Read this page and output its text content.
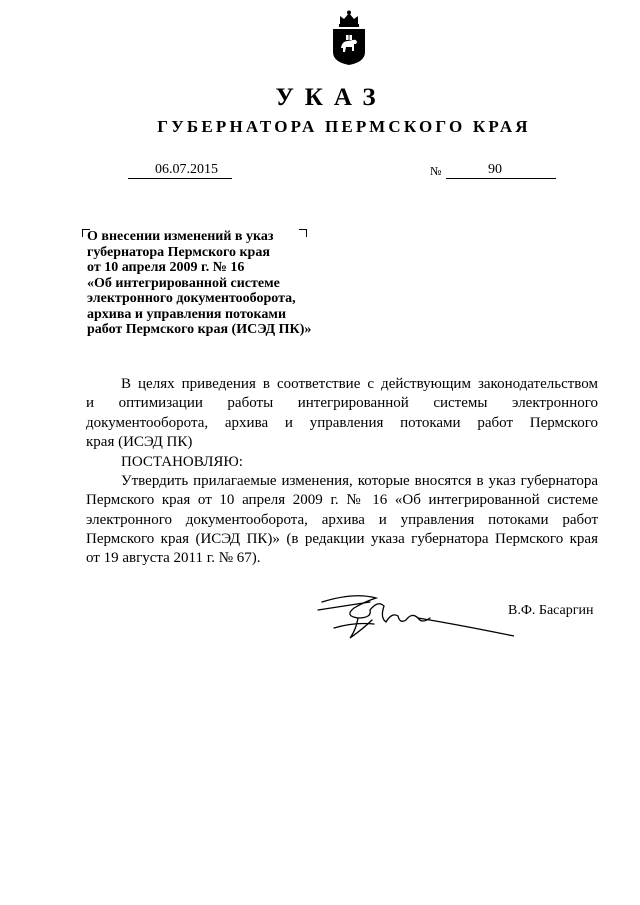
УКАЗ
ГУБЕРНАТОРА ПЕРМСКОГО КРАЯ
06.07.2015	№	90
О внесении изменений в указ
губернатора Пермского края
от 10 апреля 2009 г. № 16
«Об интегрированной системе
электронного документооборота,
архива и управления потоками
работ Пермского края (ИСЭД ПК)»
В целях приведения в соответствие с действующим законодательством
и оптимизации работы интегрированной системы электронного
документооборота, архива и управления потоками работ Пермского
края (ИСЭД ПК)
ПОСТАНОВЛЯЮ:
Утвердить прилагаемые изменения, которые вносятся в указ губернатора
Пермского края от 10 апреля 2009 г. № 16 «Об интегрированной системе
электронного документооборота, архива и управления потоками работ
Пермского края (ИСЭД ПК)» (в редакции указа губернатора Пермского края
от 19 августа 2011 г. № 67).
В.Ф. Басаргин
